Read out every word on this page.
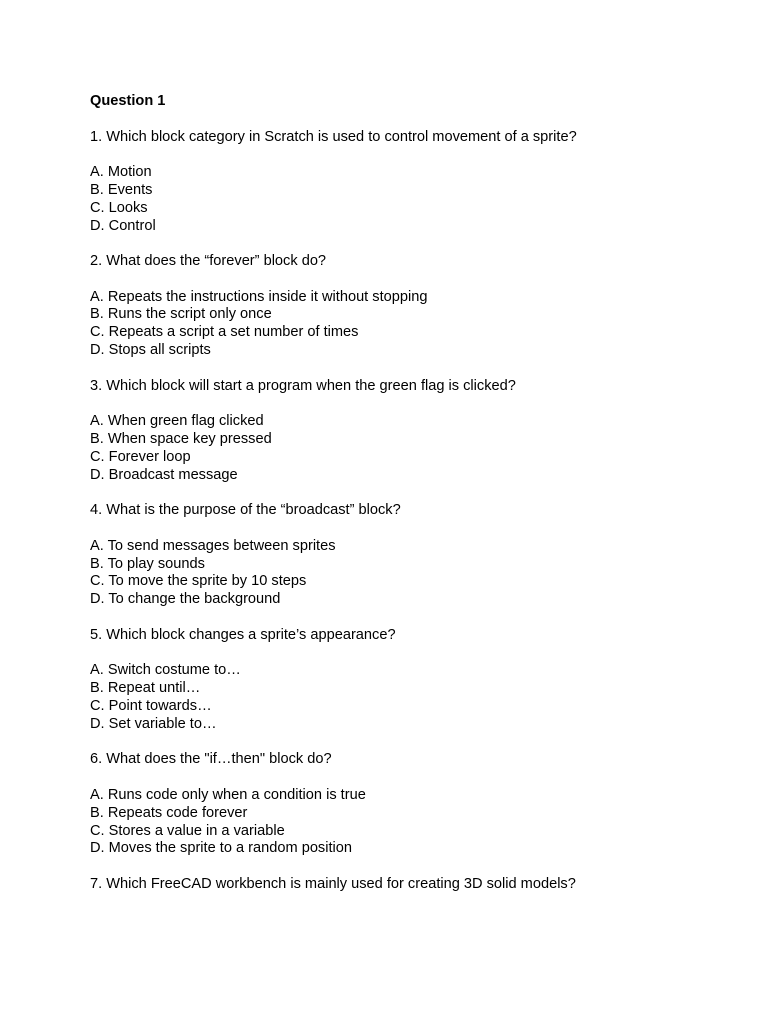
Question 1
1. Which block category in Scratch is used to control movement of a sprite?
A. Motion
B. Events
C. Looks
D. Control
2. What does the “forever” block do?
A. Repeats the instructions inside it without stopping
B. Runs the script only once
C. Repeats a script a set number of times
D. Stops all scripts
3. Which block will start a program when the green flag is clicked?
A. When green flag clicked
B. When space key pressed
C. Forever loop
D. Broadcast message
4. What is the purpose of the “broadcast” block?
A. To send messages between sprites
B. To play sounds
C. To move the sprite by 10 steps
D. To change the background
5. Which block changes a sprite’s appearance?
A. Switch costume to…
B. Repeat until…
C. Point towards…
D. Set variable to…
6. What does the "if…then" block do?
A. Runs code only when a condition is true
B. Repeats code forever
C. Stores a value in a variable
D. Moves the sprite to a random position
7. Which FreeCAD workbench is mainly used for creating 3D solid models?
